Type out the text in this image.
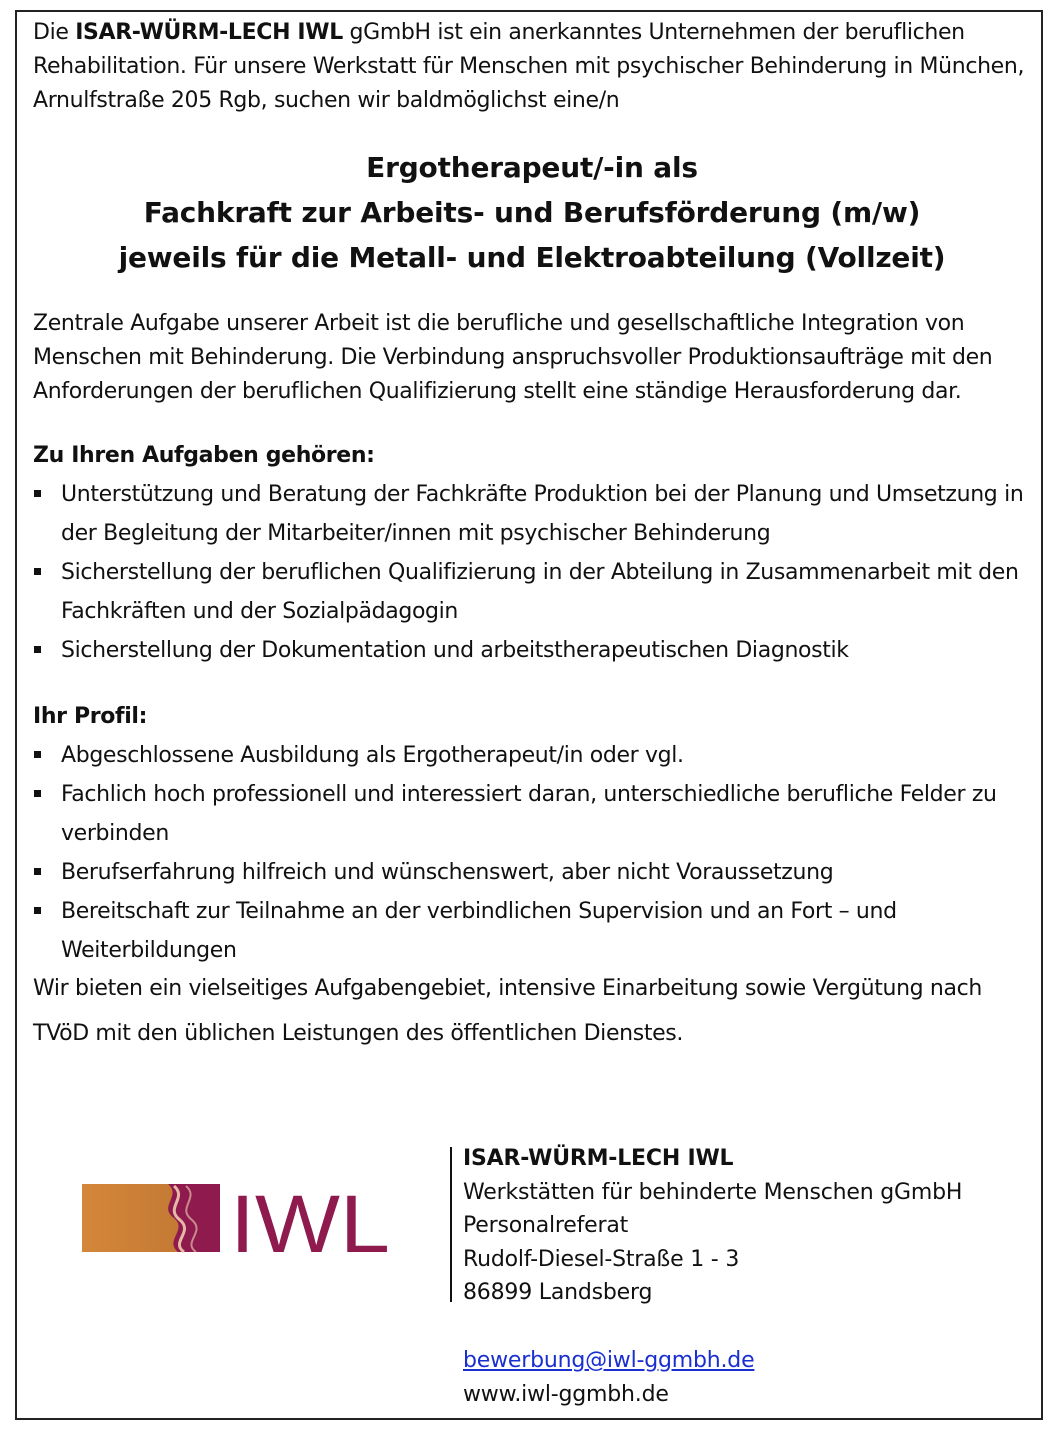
Die ISAR-WÜRM-LECH IWL gGmbH ist ein anerkanntes Unternehmen der beruflichen Rehabilitation. Für unsere Werkstatt für Menschen mit psychischer Behinderung in München, Arnulfstraße 205 Rgb, suchen wir baldmöglichst eine/n

Ergotherapeut/-in als
Fachkraft zur Arbeits- und Berufsförderung (m/w)
jeweils für die Metall- und Elektroabteilung (Vollzeit)

Zentrale Aufgabe unserer Arbeit ist die berufliche und gesellschaftliche Integration von Menschen mit Behinderung. Die Verbindung anspruchsvoller Produktionsaufträge mit den Anforderungen der beruflichen Qualifizierung stellt eine ständige Herausforderung dar.

Zu Ihren Aufgaben gehören:
Unterstützung und Beratung der Fachkräfte Produktion bei der Planung und Umsetzung in der Begleitung der Mitarbeiter/innen mit psychischer Behinderung
Sicherstellung der beruflichen Qualifizierung in der Abteilung in Zusammenarbeit mit den Fachkräften und der Sozialpädagogin
Sicherstellung der Dokumentation und arbeitstherapeutischen Diagnostik
Ihr Profil:
Abgeschlossene Ausbildung als Ergotherapeut/in oder vgl.
Fachlich hoch professionell und interessiert daran, unterschiedliche berufliche Felder zu verbinden
Berufserfahrung hilfreich und wünschenswert, aber nicht Voraussetzung
Bereitschaft zur Teilnahme an der verbindlichen Supervision und an Fort – und Weiterbildungen

Wir bieten ein vielseitiges Aufgabengebiet, intensive Einarbeitung sowie Vergütung nach TVöD mit den üblichen Leistungen des öffentlichen Dienstes.

IWL
ISAR-WÜRM-LECH IWL
Werkstätten für behinderte Menschen gGmbH
Personalreferat
Rudolf-Diesel-Straße 1 - 3
86899 Landsberg
bewerbung@iwl-ggmbh.de
www.iwl-ggmbh.de
